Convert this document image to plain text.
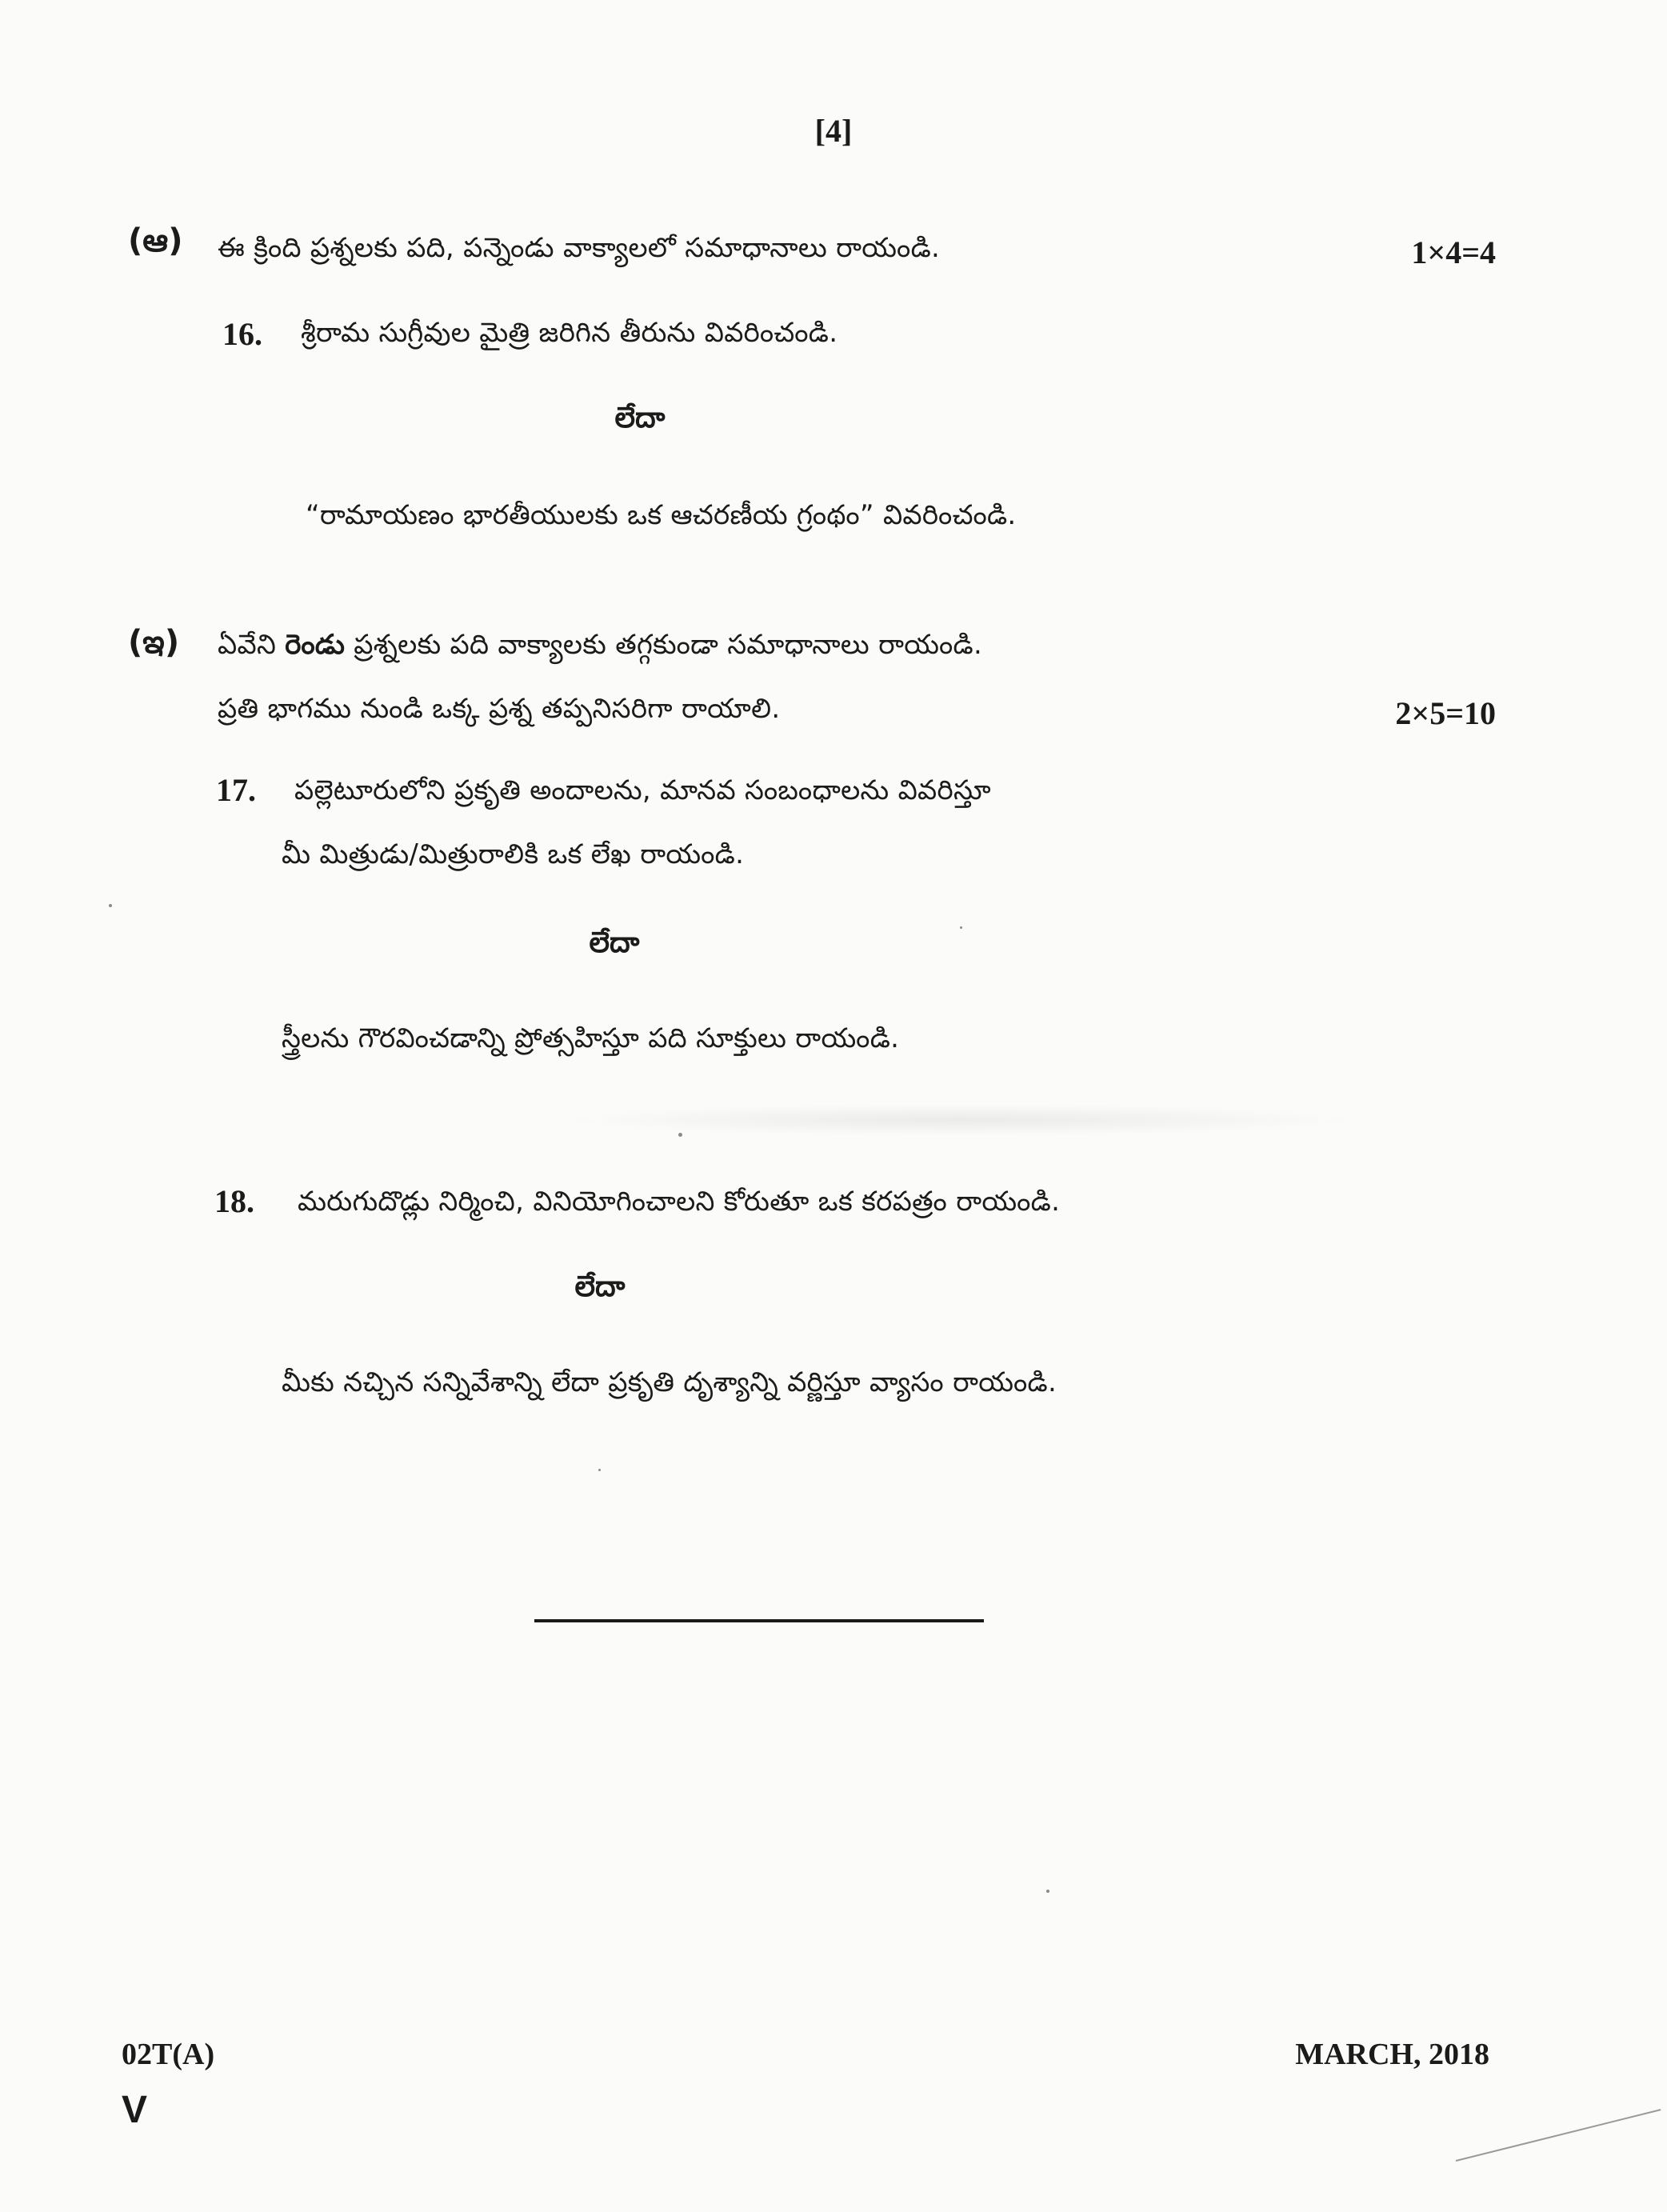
[4]
(ఆ) ఈ క్రింది ప్రశ్నలకు పది, పన్నెండు వాక్యాలలో సమాధానాలు రాయండి.	1×4=4
16. శ్రీరామ సుగ్రీవుల మైత్రి జరిగిన తీరును వివరించండి.
లేదా
“రామాయణం భారతీయులకు ఒక ఆచరణీయ గ్రంథం” వివరించండి.
(ఇ) ఏవేని రెండు ప్రశ్నలకు పది వాక్యాలకు తగ్గకుండా సమాధానాలు రాయండి.
ప్రతి భాగము నుండి ఒక్క ప్రశ్న తప్పనిసరిగా రాయాలి.	2×5=10
17. పల్లెటూరులోని ప్రకృతి అందాలను, మానవ సంబంధాలను వివరిస్తూ
మీ మిత్రుడు/మిత్రురాలికి ఒక లేఖ రాయండి.
లేదా
స్త్రీలను గౌరవించడాన్ని ప్రోత్సహిస్తూ పది సూక్తులు రాయండి.
18. మరుగుదొడ్లు నిర్మించి, వినియోగించాలని కోరుతూ ఒక కరపత్రం రాయండి.
లేదా
మీకు నచ్చిన సన్నివేశాన్ని లేదా ప్రకృతి దృశ్యాన్ని వర్ణిస్తూ వ్యాసం రాయండి.
02T(A)	MARCH, 2018
V
